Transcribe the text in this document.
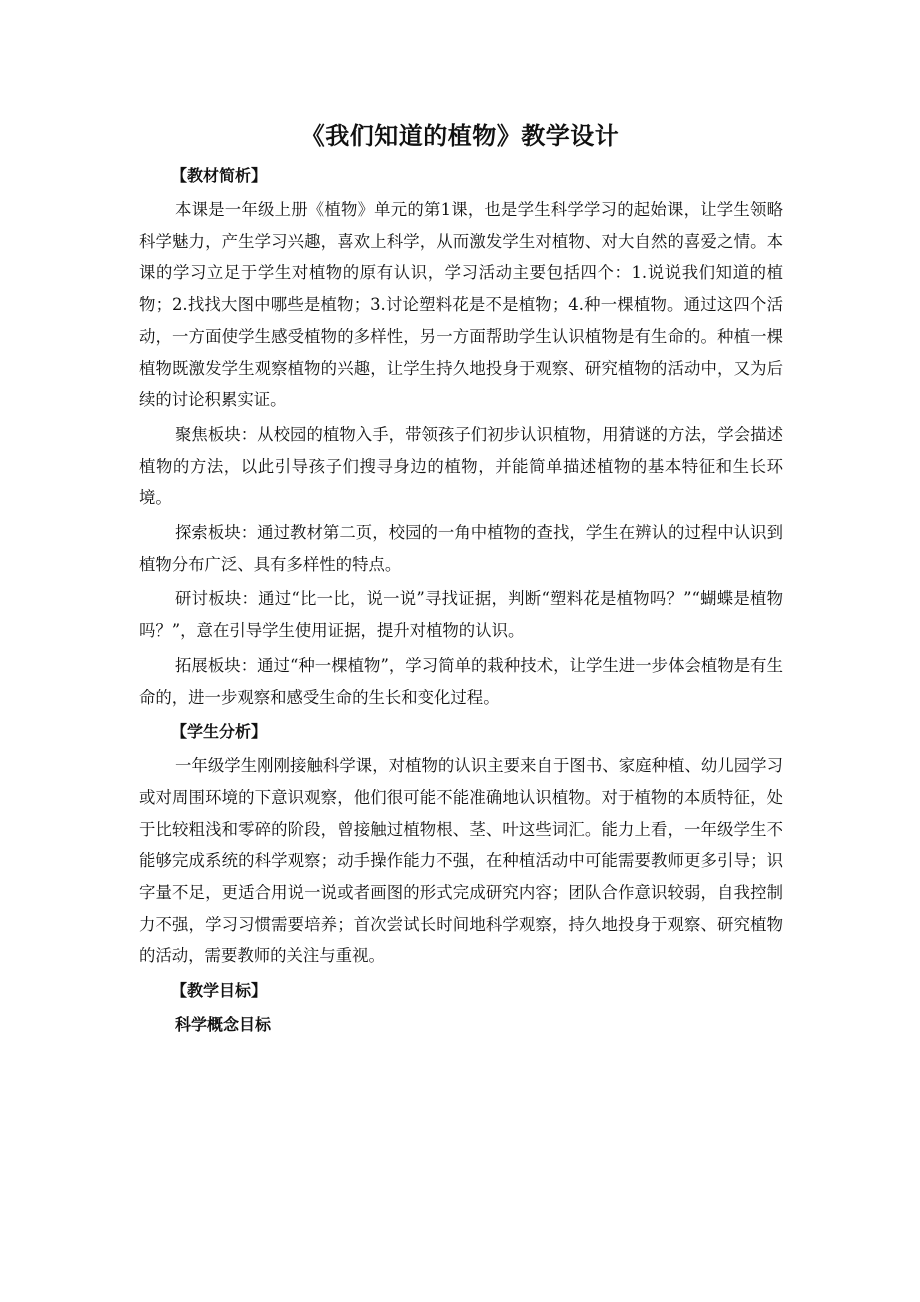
《我们知道的植物》教学设计
【教材简析】

本课是一年级上册《植物》单元的第1课，也是学生科学学习的起始课，让学生领略科学魅力，产生学习兴趣，喜欢上科学，从而激发学生对植物、对大自然的喜爱之情。本课的学习立足于学生对植物的原有认识，学习活动主要包括四个：1.说说我们知道的植物；2.找找大图中哪些是植物；3.讨论塑料花是不是植物；4.种一棵植物。通过这四个活动，一方面使学生感受植物的多样性，另一方面帮助学生认识植物是有生命的。种植一棵植物既激发学生观察植物的兴趣，让学生持久地投身于观察、研究植物的活动中，又为后续的讨论积累实证。

聚焦板块：从校园的植物入手，带领孩子们初步认识植物，用猜谜的方法，学会描述植物的方法，以此引导孩子们搜寻身边的植物，并能简单描述植物的基本特征和生长环境。

探索板块：通过教材第二页，校园的一角中植物的查找，学生在辨认的过程中认识到植物分布广泛、具有多样性的特点。

研讨板块：通过“比一比，说一说”寻找证据，判断“塑料花是植物吗？”“蝴蝶是植物吗？”，意在引导学生使用证据，提升对植物的认识。

拓展板块：通过“种一棵植物”，学习简单的栽种技术，让学生进一步体会植物是有生命的，进一步观察和感受生命的生长和变化过程。

【学生分析】

一年级学生刚刚接触科学课，对植物的认识主要来自于图书、家庭种植、幼儿园学习或对周围环境的下意识观察，他们很可能不能准确地认识植物。对于植物的本质特征，处于比较粗浅和零碎的阶段，曾接触过植物根、茎、叶这些词汇。能力上看，一年级学生不能够完成系统的科学观察；动手操作能力不强，在种植活动中可能需要教师更多引导；识字量不足，更适合用说一说或者画图的形式完成研究内容；团队合作意识较弱，自我控制力不强，学习习惯需要培养；首次尝试长时间地科学观察，持久地投身于观察、研究植物的活动，需要教师的关注与重视。

【教学目标】
科学概念目标
